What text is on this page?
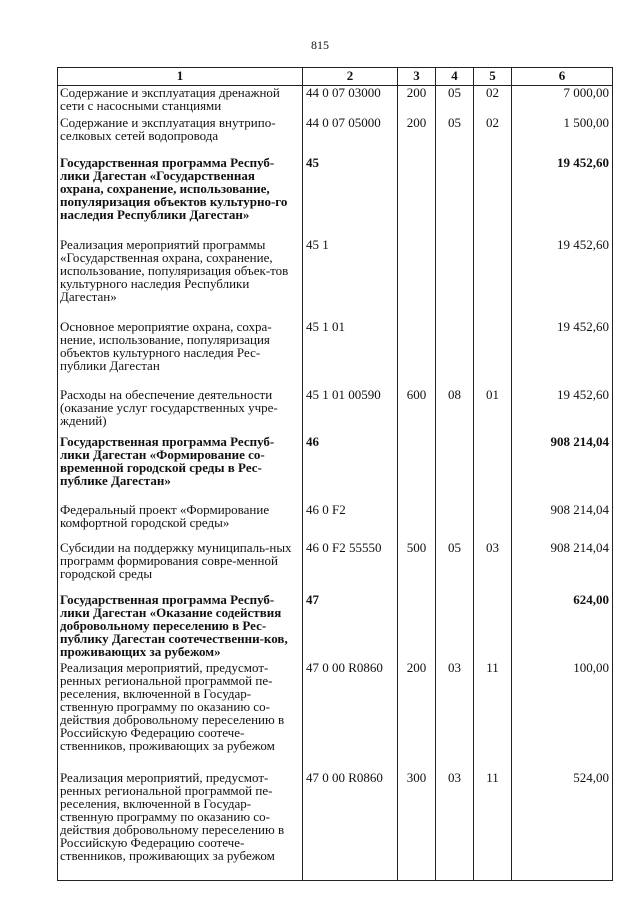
815
1	2	3	4	5	6
Содержание и эксплуатация дренажной сети с насосными станциями	44 0 07 03000	200	05	02	7 000,00
Содержание и эксплуатация внутрипо-селковых сетей водопровода	44 0 07 05000	200	05	02	1 500,00
Государственная программа Респуб-лики Дагестан «Государственная охрана, сохранение, использование, популяризация объектов культурно-го наследия Республики Дагестан»	45				19 452,60
Реализация мероприятий программы «Государственная охрана, сохранение, использование, популяризация объек-тов культурного наследия Республики Дагестан»	45 1				19 452,60
Основное мероприятие охрана, сохра-нение, использование, популяризация объектов культурного наследия Рес-публики Дагестан	45 1 01				19 452,60
Расходы на обеспечение деятельности (оказание услуг государственных учре-ждений)	45 1 01 00590	600	08	01	19 452,60
Государственная программа Респуб-лики Дагестан «Формирование со-временной городской среды в Рес-публике Дагестан»	46				908 214,04
Федеральный проект «Формирование комфортной городской среды»	46 0 F2				908 214,04
Субсидии на поддержку муниципаль-ных программ формирования совре-менной городской среды	46 0 F2 55550	500	05	03	908 214,04
Государственная программа Респуб-лики Дагестан «Оказание содействия добровольному переселению в Рес-публику Дагестан соотечественни-ков, проживающих за рубежом»	47				624,00
Реализация мероприятий, предусмот-ренных региональной программой пе-реселения, включенной в Государ-ственную программу по оказанию со-действия добровольному переселению в Российскую Федерацию соотече-ственников, проживающих за рубежом	47 0 00 R0860	200	03	11	100,00
Реализация мероприятий, предусмот-ренных региональной программой пе-реселения, включенной в Государ-ственную программу по оказанию со-действия добровольному переселению в Российскую Федерацию соотече-ственников, проживающих за рубежом	47 0 00 R0860	300	03	11	524,00
